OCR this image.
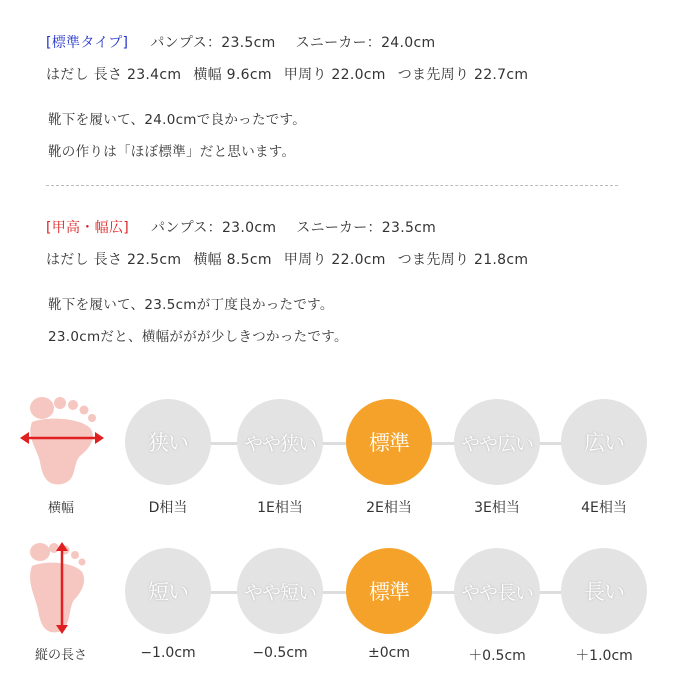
[標準タイプ] パンプス：23.5cm スニーカー：24.0cm
はだし 長さ 23.4cm 横幅 9.6cm 甲周り 22.0cm つま先周り 22.7cm
靴下を履いて、24.0cmで良かったです。
靴の作りは「ほぼ標準」だと思います。
[甲高・幅広] パンプス：23.0cm スニーカー：23.5cm
はだし 長さ 22.5cm 横幅 8.5cm 甲周り 22.0cm つま先周り 21.8cm
靴下を履いて、23.5cmが丁度良かったです。
23.0cmだと、横幅ががが少しきつかったです。
横幅
狭い	やや狭い	標準	やや広い	広い
D相当	1E相当	2E相当	3E相当	4E相当
縦の長さ
短い	やや短い	標準	やや長い	長い
−1.0cm	−0.5cm	±0cm	＋0.5cm	＋1.0cm
